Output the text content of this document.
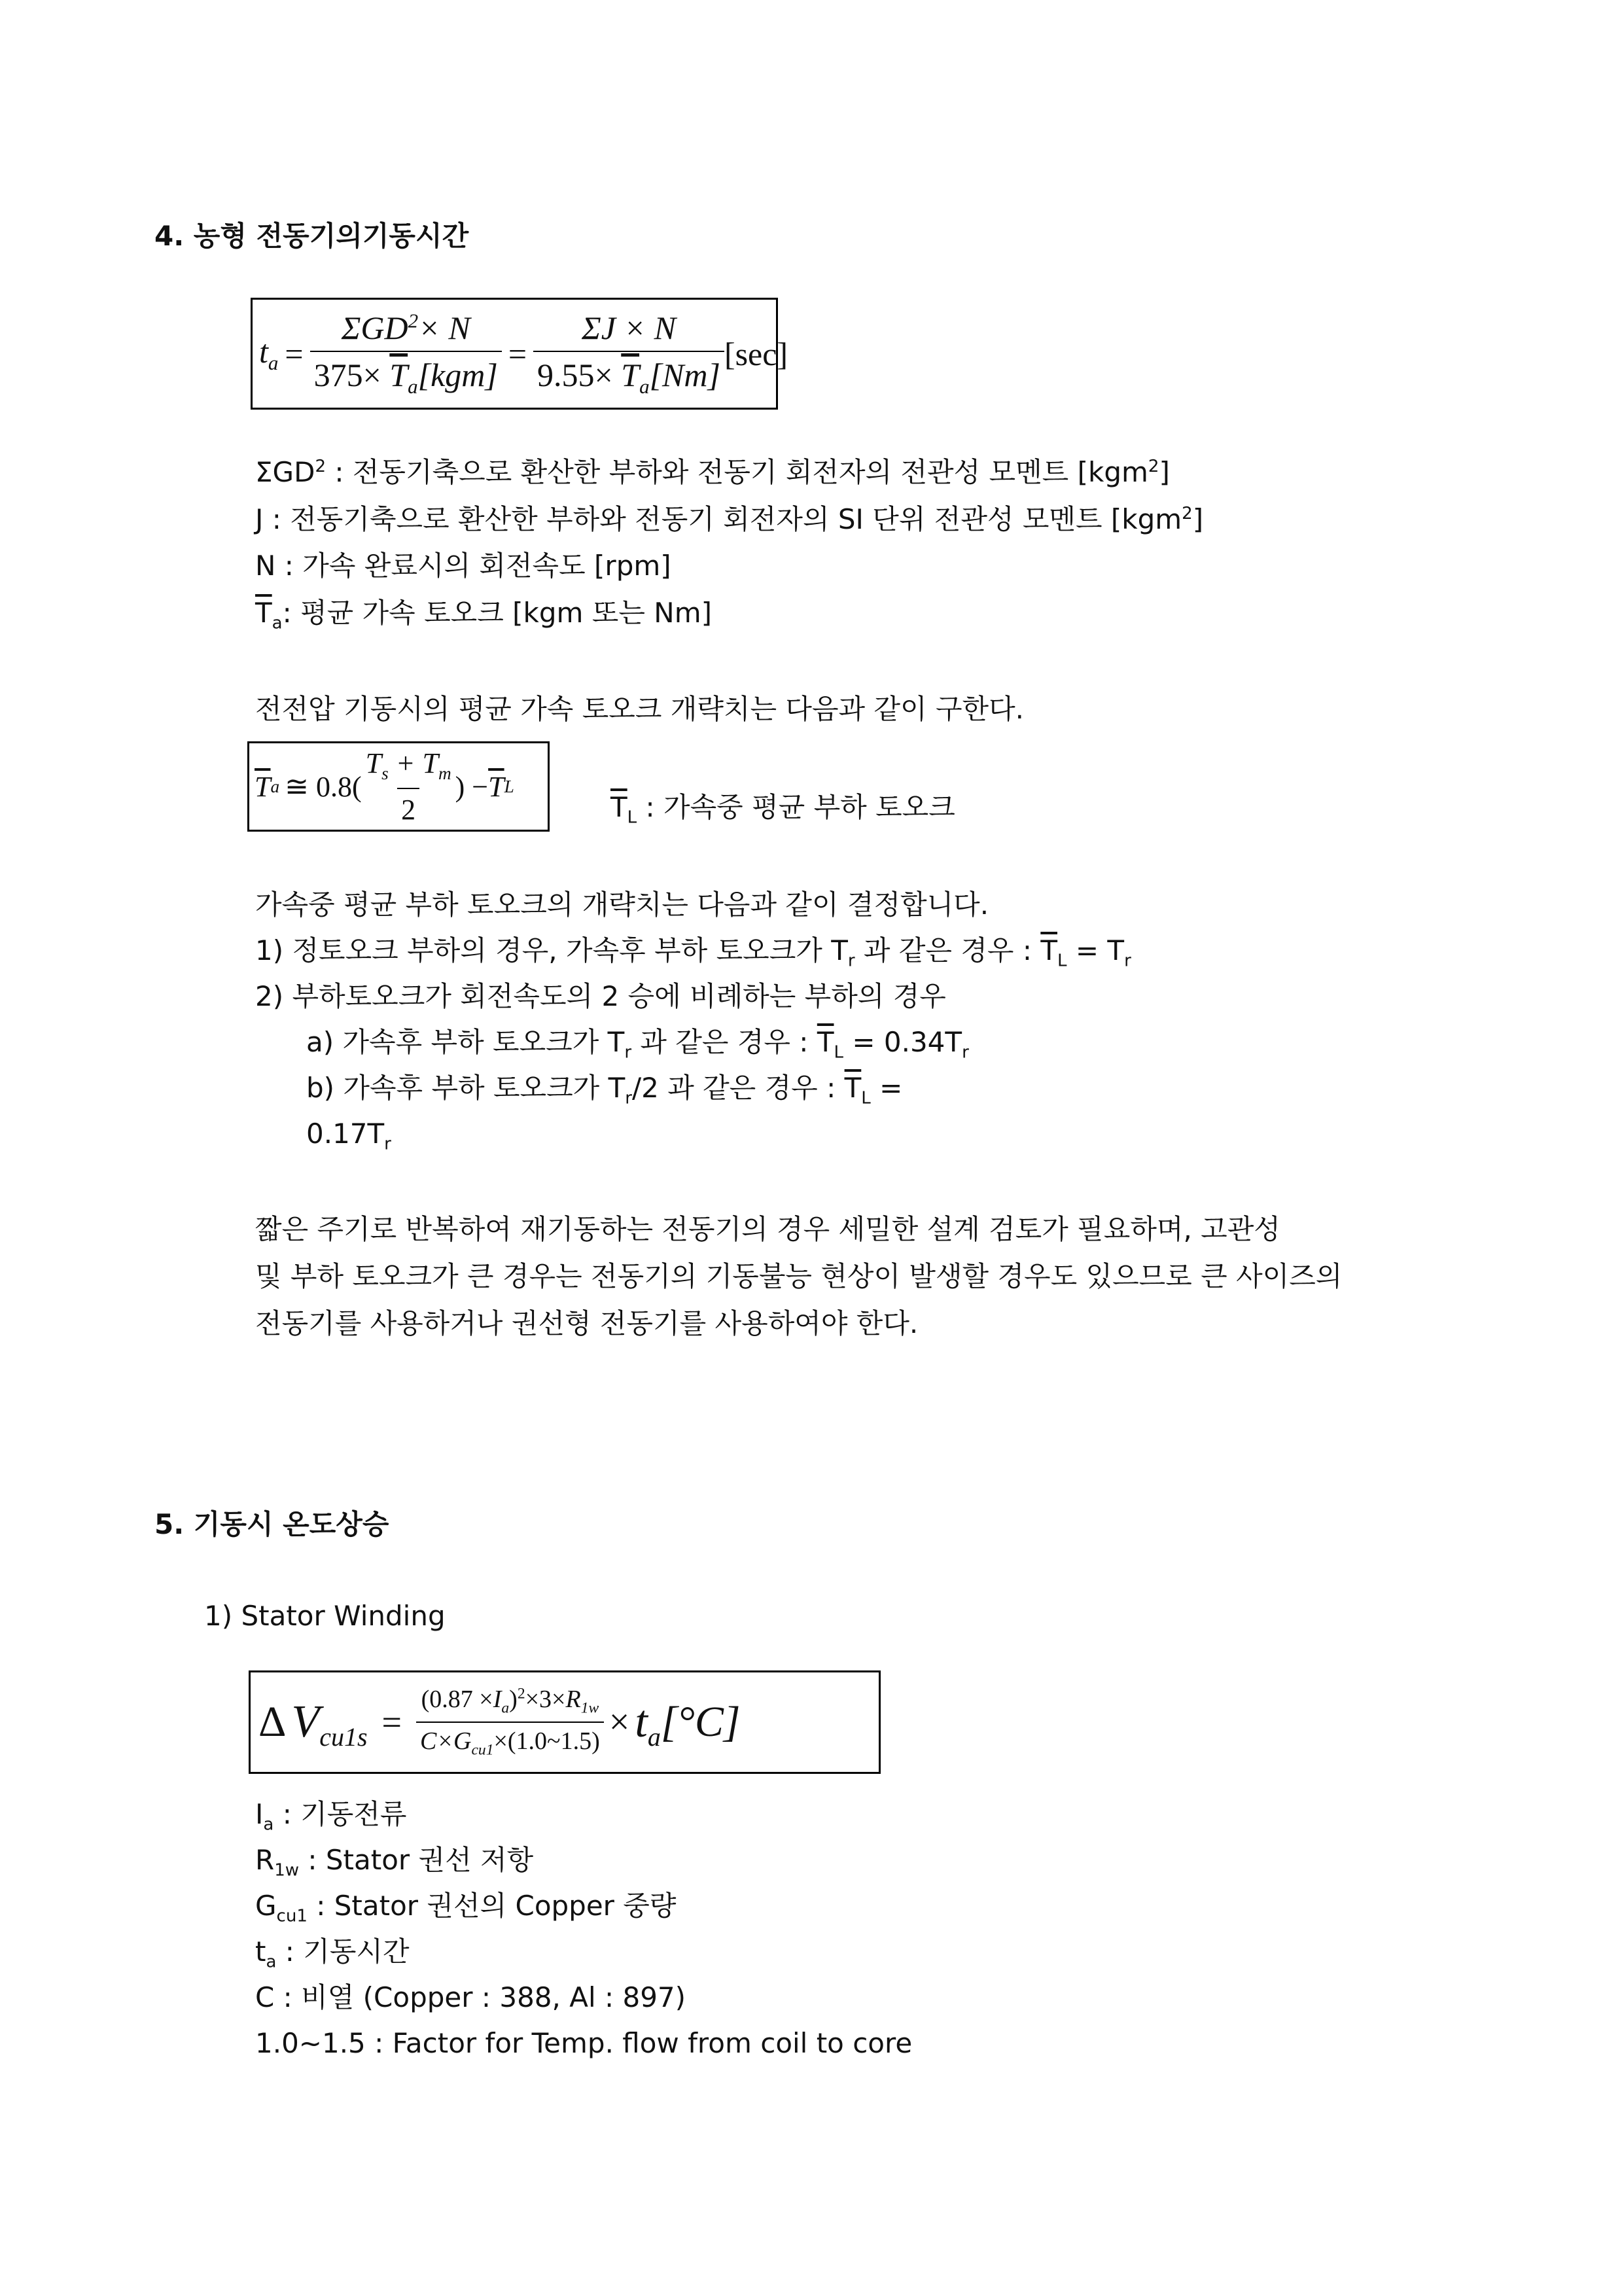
4. 농형 전동기의기동시간
$t_a = \frac{\Sigma GD^2\times N}{375\times \overline{T}_a[kgm]} = \frac{\Sigma J \times N}{9.55\times \overline{T}_a[Nm]} [\sec]$
ΣGD$^2$ : 전동기축으로 환산한 부하와 전동기 회전자의 전관성 모멘트 [kgm$^2$]
J : 전동기축으로 환산한 부하와 전동기 회전자의 SI 단위 전관성 모멘트 [kgm$^2$]
N : 가속 완료시의 회전속도 [rpm]
$\overline{T}_a$: 평균 가속 토오크 [kgm 또는 Nm]
전전압 기동시의 평균 가속 토오크 개략치는 다음과 같이 구한다.
$\overline{T}$ a ≅ $0.8( \frac{T_s + T_m}{2}$ ) − $\overline{T}$ L
$\overline{T}_L$ : 가속중 평균 부하 토오크
가속중 평균 부하 토오크의 개략치는 다음과 같이 결정합니다.
1) 정토오크 부하의 경우, 가속후 부하 토오크가 $T_r$ 과 같은 경우 : $\overline{T}_L = T_r$
2) 부하토오크가 회전속도의 2 승에 비례하는 부하의 경우
a) 가속후 부하 토오크가 $T_r$ 과 같은 경우 : $\overline{T}_L = 0.34T_r$
b) 가속후 부하 토오크가 $T_r/2$ 과 같은 경우 : $\overline{T}_L$ =
$0.17T_r$
짧은 주기로 반복하여 재기동하는 전동기의 경우 세밀한 설계 검토가 필요하며, 고관성
및 부하 토오크가 큰 경우는 전동기의 기동불능 현상이 발생할 경우도 있으므로 큰 사이즈의
전동기를 사용하거나 권선형 전동기를 사용하여야 한다.
5. 기동시 온도상승
1) Stator Winding
Δ V $cu1s = \frac{(0.87 \times I_a)^2\times 3\times R_{1w}}{C\times G_{cu1}\times(1.0\sim 1.5)} \times t$ a [°C]
$I_a$ : 기동전류
$R_{1w}$ : Stator 권선 저항
$G_{cu1}$ : Stator 권선의 Copper 중량
$t_a$ : 기동시간
C : 비열 (Copper : 388, Al : 897)
1.0~1.5 : Factor for Temp. flow from coil to core
